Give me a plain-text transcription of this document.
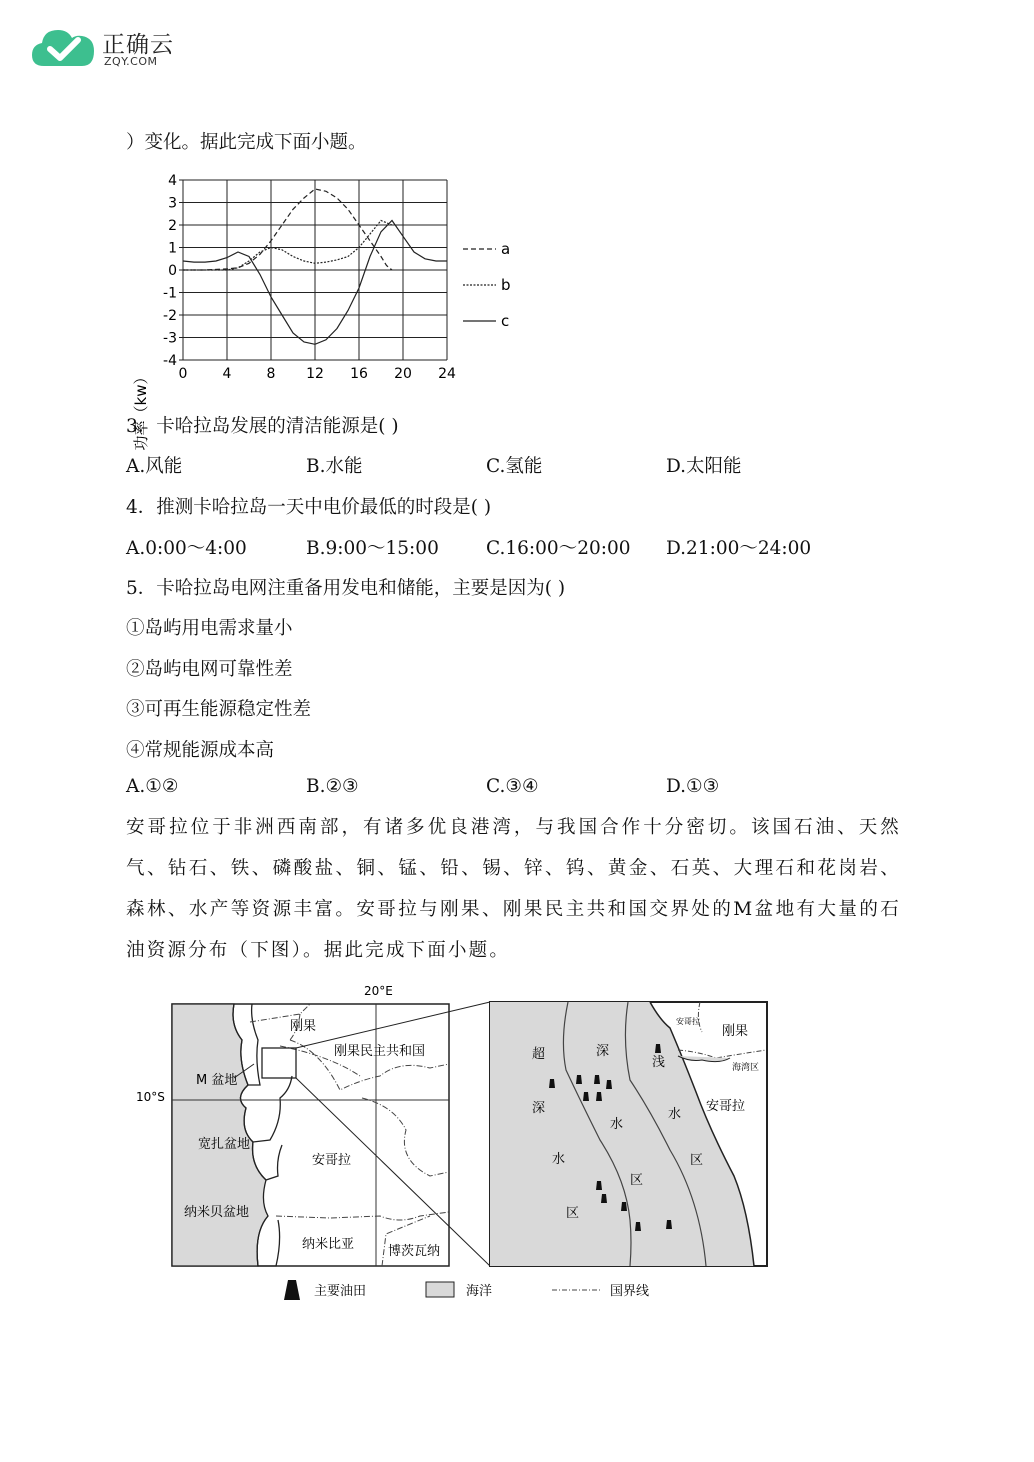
正确云
ZQY.COM
）变化。据此完成下面小题。
0	4	8 12 16 20 24
4
3
2
1
0
-1
-2
-3
-4
功率（kw）
a
b
c
3．卡哈拉岛发展的清洁能源是( )
A.风能	B.水能	C.氢能	D.太阳能
4．推测卡哈拉岛一天中电价最低的时段是( )
A.0:00～4:00	B.9:00～15:00	C.16:00～20:00 D.21:00～24:00
5．卡哈拉岛电网注重备用发电和储能，主要是因为( )
①岛屿用电需求量小
②岛屿电网可靠性差
③可再生能源稳定性差
④常规能源成本高
A.①②	B.②③	C.③④	D.①③
安哥拉位于非洲西南部，有诸多优良港湾，与我国合作十分密切。该国石油、天然气、钻石、铁、磷酸盐、铜、锰、铅、锡、锌、钨、黄金、石英、大理石和花岗岩、森林、水产等资源丰富。安哥拉与刚果、刚果民主共和国交界处的M盆地有大量的石油资源分布（下图）。据此完成下面小题。
20°E
10°S
刚果
刚果民主共和国
M 盆地
宽扎盆地
安哥拉
纳米贝盆地
纳米比亚	博茨瓦纳
超
深
水
区
深
水
区
浅
水
区
刚果
安哥拉
海湾区
安哥拉
主要油田	海洋	国界线
